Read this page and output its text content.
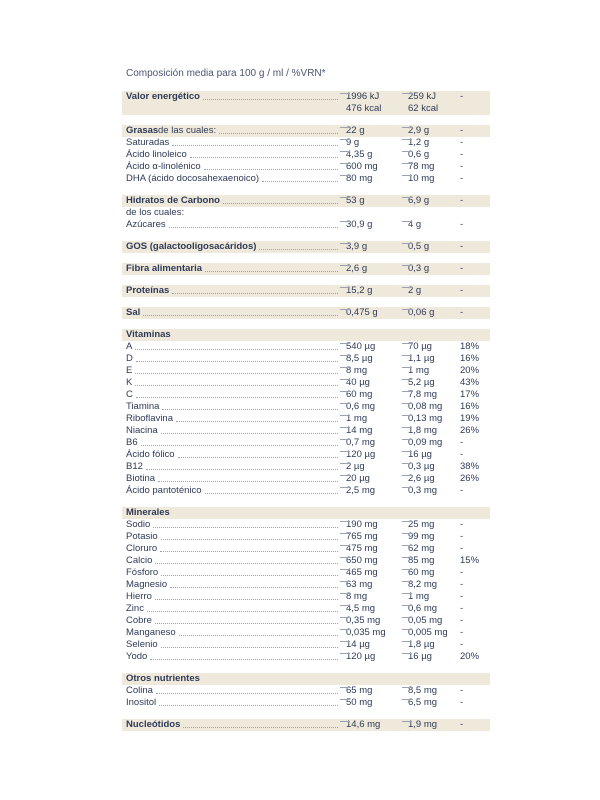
Composición media para 100 g / ml / %VRN*
Valor energético	1996 kJ	259 kJ	-
476 kcal	62 kcal
Grasas de las cuales:	22 g	2,9 g	-
Saturadas	9 g	1,2 g	-
Ácido linoleico	4,35 g	0,6 g	-
Ácido α-linolénico	600 mg	78 mg	-
DHA (ácido docosahexaenoico)	80 mg	10 mg	-
Hidratos de Carbono	53 g	6,9 g	-
de los cuales:
Azúcares	30,9 g	4 g	-
GOS (galactooligosacáridos)	3,9 g	0,5 g	-
Fibra alimentaria	2,6 g	0,3 g	-
Proteínas	15,2 g	2 g	-
Sal	0,475 g	0,06 g	-
Vitaminas
A	540 µg	70 µg	18%
D	8,5 µg	1,1 µg	16%
E	8 mg	1 mg	20%
K	40 µg	5,2 µg	43%
C	60 mg	7,8 mg 17%
Tiamina	0,6 mg	0,08 mg 16%
Riboflavina	1 mg	0,13 mg 19%
Niacina	14 mg	1,8 mg 26%
B6	0,7 mg	0,09 mg -
Ácido fólico	120 µg	16 µg	-
B12	2 µg	0,3 µg	38%
Biotina	20 µg	2,6 µg	26%
Ácido pantoténico	2,5 mg	0,3 mg -
Minerales
Sodio	190 mg	25 mg	-
Potasio	765 mg	99 mg	-
Cloruro	475 mg	62 mg	-
Calcio	650 mg	85 mg	15%
Fósforo	465 mg	60 mg	-
Magnesio	63 mg	8,2 mg -
Hierro	8 mg	1 mg	-
Zinc	4,5 mg	0,6 mg -
Cobre	0,35 mg	0,05 mg -
Manganeso	0,035 mg 0,005 mg -
Selenio	14 µg	1,8 µg	-
Yodo	120 µg	16 µg	20%
Otros nutrientes
Colina	65 mg	8,5 mg -
Inositol	50 mg	6,5 mg -
Nucleótidos	14,6 mg	1,9 mg -
